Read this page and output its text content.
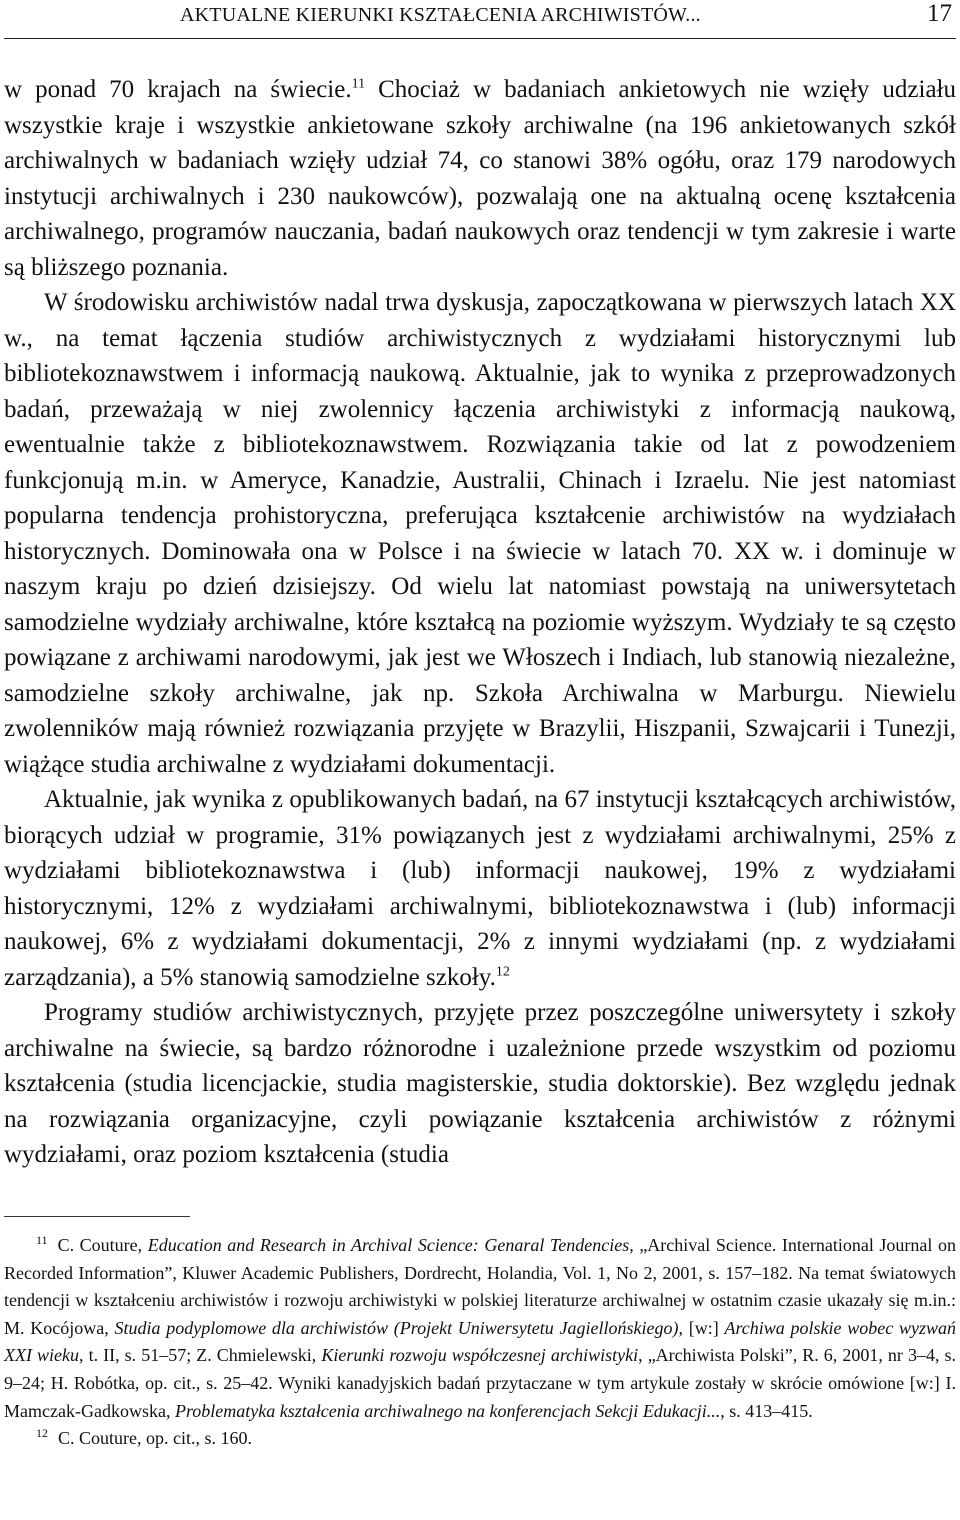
AKTUALNE KIERUNKI KSZTAŁCENIA ARCHIWISTÓW...	17

w ponad 70 krajach na świecie.$^{11}$ Chociaż w badaniach ankietowych nie wzięły udziału wszystkie kraje i wszystkie ankietowane szkoły archiwalne (na 196 ankietowanych szkół archiwalnych w badaniach wzięły udział 74, co stanowi 38% ogółu, oraz 179 narodowych instytucji archiwalnych i 230 naukowców), pozwalają one na aktualną ocenę kształcenia archiwalnego, programów nauczania, badań naukowych oraz tendencji w tym zakresie i warte są bliższego poznania.

W środowisku archiwistów nadal trwa dyskusja, zapoczątkowana w pierwszych latach XX w., na temat łączenia studiów archiwistycznych z wydziałami historycznymi lub bibliotekoznawstwem i informacją naukową. Aktualnie, jak to wynika z przeprowadzonych badań, przeważają w niej zwolennicy łączenia archiwistyki z informacją naukową, ewentualnie także z bibliotekoznawstwem. Rozwiązania takie od lat z powodzeniem funkcjonują m.in. w Ameryce, Kanadzie, Australii, Chinach i Izraelu. Nie jest natomiast popularna tendencja prohistoryczna, preferująca kształcenie archiwistów na wydziałach historycznych. Dominowała ona w Polsce i na świecie w latach 70. XX w. i dominuje w naszym kraju po dzień dzisiejszy. Od wielu lat natomiast powstają na uniwersytetach samodzielne wydziały archiwalne, które kształcą na poziomie wyższym. Wydziały te są często powiązane z archiwami narodowymi, jak jest we Włoszech i Indiach, lub stanowią niezależne, samodzielne szkoły archiwalne, jak np. Szkoła Archiwalna w Marburgu. Niewielu zwolenników mają również rozwiązania przyjęte w Brazylii, Hiszpanii, Szwajcarii i Tunezji, wiążące studia archiwalne z wydziałami dokumentacji.

Aktualnie, jak wynika z opublikowanych badań, na 67 instytucji kształcących archiwistów, biorących udział w programie, 31% powiązanych jest z wydziałami archiwalnymi, 25% z wydziałami bibliotekoznawstwa i (lub) informacji naukowej, 19% z wydziałami historycznymi, 12% z wydziałami archiwalnymi, bibliotekoznawstwa i (lub) informacji naukowej, 6% z wydziałami dokumentacji, 2% z innymi wydziałami (np. z wydziałami zarządzania), a 5% stanowią samodzielne szkoły.$^{12}$

Programy studiów archiwistycznych, przyjęte przez poszczególne uniwersytety i szkoły archiwalne na świecie, są bardzo różnorodne i uzależnione przede wszystkim od poziomu kształcenia (studia licencjackie, studia magisterskie, studia doktorskie). Bez względu jednak na rozwiązania organizacyjne, czyli powiązanie kształcenia archiwistów z różnymi wydziałami, oraz poziom kształcenia (studia

$^{11}$ C. Couture, Education and Research in Archival Science: Genaral Tendencies, „Archival Science. International Journal on Recorded Information”, Kluwer Academic Publishers, Dordrecht, Holandia, Vol. 1, No 2, 2001, s. 157–182. Na temat światowych tendencji w kształceniu archiwistów i rozwoju archiwistyki w polskiej literaturze archiwalnej w ostatnim czasie ukazały się m.in.: M. Kocójowa, Studia podyplomowe dla archiwistów (Projekt Uniwersytetu Jagiellońskiego), [w:] Archiwa polskie wobec wyzwań XXI wieku, t. II, s. 51–57; Z. Chmielewski, Kierunki rozwoju współczesnej archiwistyki, „Archiwista Polski”, R. 6, 2001, nr 3–4, s. 9–24; H. Robótka, op. cit., s. 25–42. Wyniki kanadyjskich badań przytaczane w tym artykule zostały w skrócie omówione [w:] I. Mamczak-Gadkowska, Problematyka kształcenia archiwalnego na konferencjach Sekcji Edukacji..., s. 413–415.

$^{12}$ C. Couture, op. cit., s. 160.
